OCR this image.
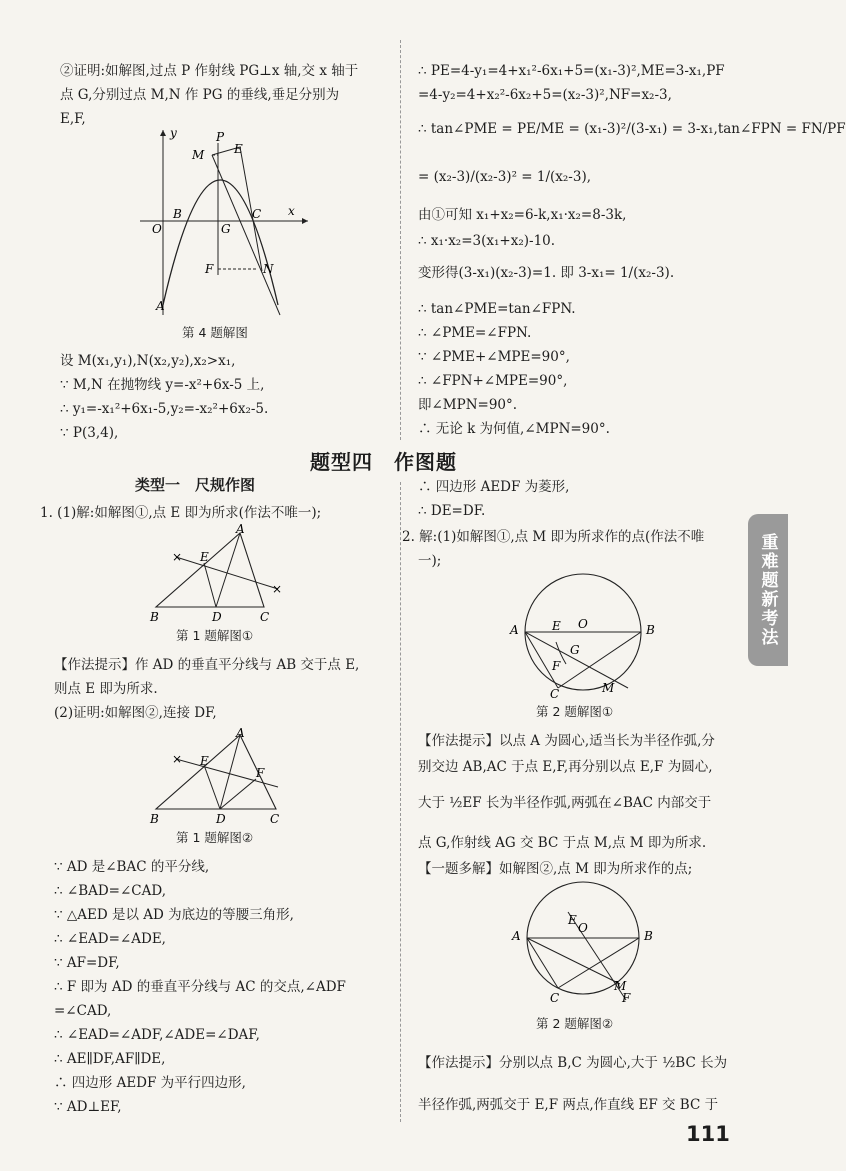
②证明:如解图,过点 P 作射线 PG⊥x 轴,交 x 轴于
点 G,分别过点 M,N 作 PG 的垂线,垂足分别为
E,F,
y	P
M E
B	C x
O	G
F	N
A
第 4 题解图
设 M(x₁,y₁),N(x₂,y₂),x₂>x₁,
∵ M,N 在抛物线 y=-x²+6x-5 上,
∴ y₁=-x₁²+6x₁-5,y₂=-x₂²+6x₂-5.
∵ P(3,4),
∴ PE=4-y₁=4+x₁²-6x₁+5=(x₁-3)²,ME=3-x₁,PF
=4-y₂=4+x₂²-6x₂+5=(x₂-3)²,NF=x₂-3,
∴ tan∠PME = PE/ME = (x₁-3)²/(3-x₁) = 3-x₁,tan∠FPN = FN/PF
= (x₂-3)/(x₂-3)² = 1/(x₂-3),
由①可知 x₁+x₂=6-k,x₁·x₂=8-3k,
∴ x₁·x₂=3(x₁+x₂)-10.
变形得(3-x₁)(x₂-3)=1. 即 3-x₁= 1/(x₂-3).
∴ tan∠PME=tan∠FPN.
∴ ∠PME=∠FPN.
∵ ∠PME+∠MPE=90°,
∴ ∠FPN+∠MPE=90°,
即∠MPN=90°.
∴ 无论 k 为何值,∠MPN=90°.
题型四　作图题
类型一　尺规作图
1. (1)解:如解图①,点 E 即为所求(作法不唯一);
×
×
A
E
B	D	C
第 1 题解图①
【作法提示】作 AD 的垂直平分线与 AB 交于点 E,
则点 E 即为所求.
(2)证明:如解图②,连接 DF,
×
A
E
F
B	D	C
第 1 题解图②
∵ AD 是∠BAC 的平分线,
∴ ∠BAD=∠CAD,
∵ △AED 是以 AD 为底边的等腰三角形,
∴ ∠EAD=∠ADE,
∵ AF=DF,
∴ F 即为 AD 的垂直平分线与 AC 的交点,∠ADF
=∠CAD,
∴ ∠EAD=∠ADF,∠ADE=∠DAF,
∴ AE∥DF,AF∥DE,
∴ 四边形 AEDF 为平行四边形,
∵ AD⊥EF,
∴ 四边形 AEDF 为菱形,
∴ DE=DF.
2. 解:(1)如解图①,点 M 即为所求作的点(作法不唯
一);
A	E O	B
G
F
C	M
第 2 题解图①
【作法提示】以点 A 为圆心,适当长为半径作弧,分
别交边 AB,AC 于点 E,F,再分别以点 E,F 为圆心,
大于 ½EF 长为半径作弧,两弧在∠BAC 内部交于
点 G,作射线 AG 交 BC 于点 M,点 M 即为所求.
【一题多解】如解图②,点 M 即为所求作的点;
E
O
A	B
C
M
F
第 2 题解图②
【作法提示】分别以点 B,C 为圆心,大于 ½BC 长为
半径作弧,两弧交于 E,F 两点,作直线 EF 交 BC 于
重难题新考法
111
